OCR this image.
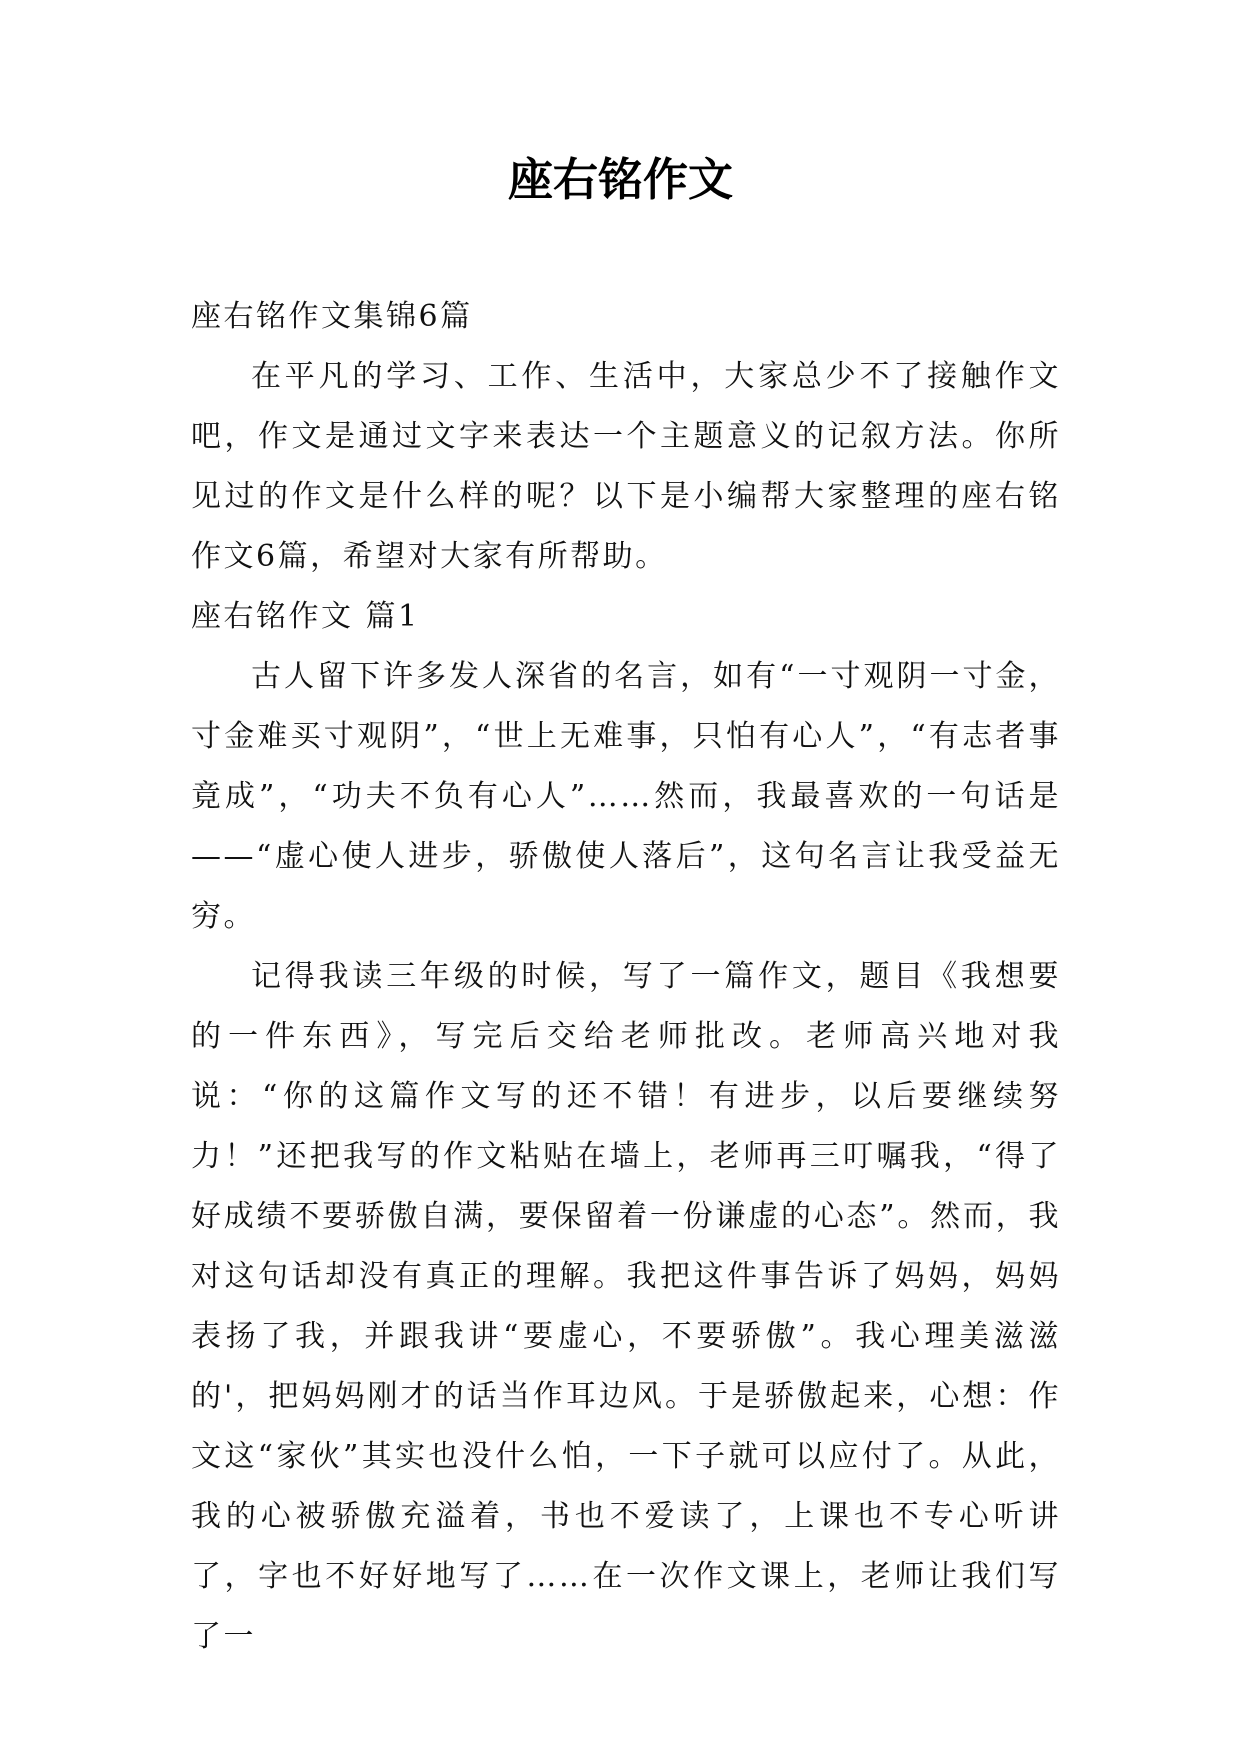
座右铭作文

座右铭作文集锦6篇

在平凡的学习、工作、生活中，大家总少不了接触作文吧，作文是通过文字来表达一个主题意义的记叙方法。你所见过的作文是什么样的呢？以下是小编帮大家整理的座右铭作文6篇，希望对大家有所帮助。

座右铭作文 篇1

古人留下许多发人深省的名言，如有“一寸观阴一寸金，寸金难买寸观阴”，“世上无难事，只怕有心人”，“有志者事竟成”，“功夫不负有心人”……然而，我最喜欢的一句话是——“虚心使人进步，骄傲使人落后”，这句名言让我受益无穷。

记得我读三年级的时候，写了一篇作文，题目《我想要的一件东西》，写完后交给老师批改。老师高兴地对我说：“你的这篇作文写的还不错！有进步，以后要继续努力！”还把我写的作文粘贴在墙上，老师再三叮嘱我，“得了好成绩不要骄傲自满，要保留着一份谦虚的心态”。然而，我对这句话却没有真正的理解。我把这件事告诉了妈妈，妈妈表扬了我，并跟我讲“要虚心，不要骄傲”。我心理美滋滋的'，把妈妈刚才的话当作耳边风。于是骄傲起来，心想：作文这“家伙”其实也没什么怕，一下子就可以应付了。从此，我的心被骄傲充溢着，书也不爱读了，上课也不专心听讲了，字也不好好地写了……在一次作文课上，老师让我们写了一
